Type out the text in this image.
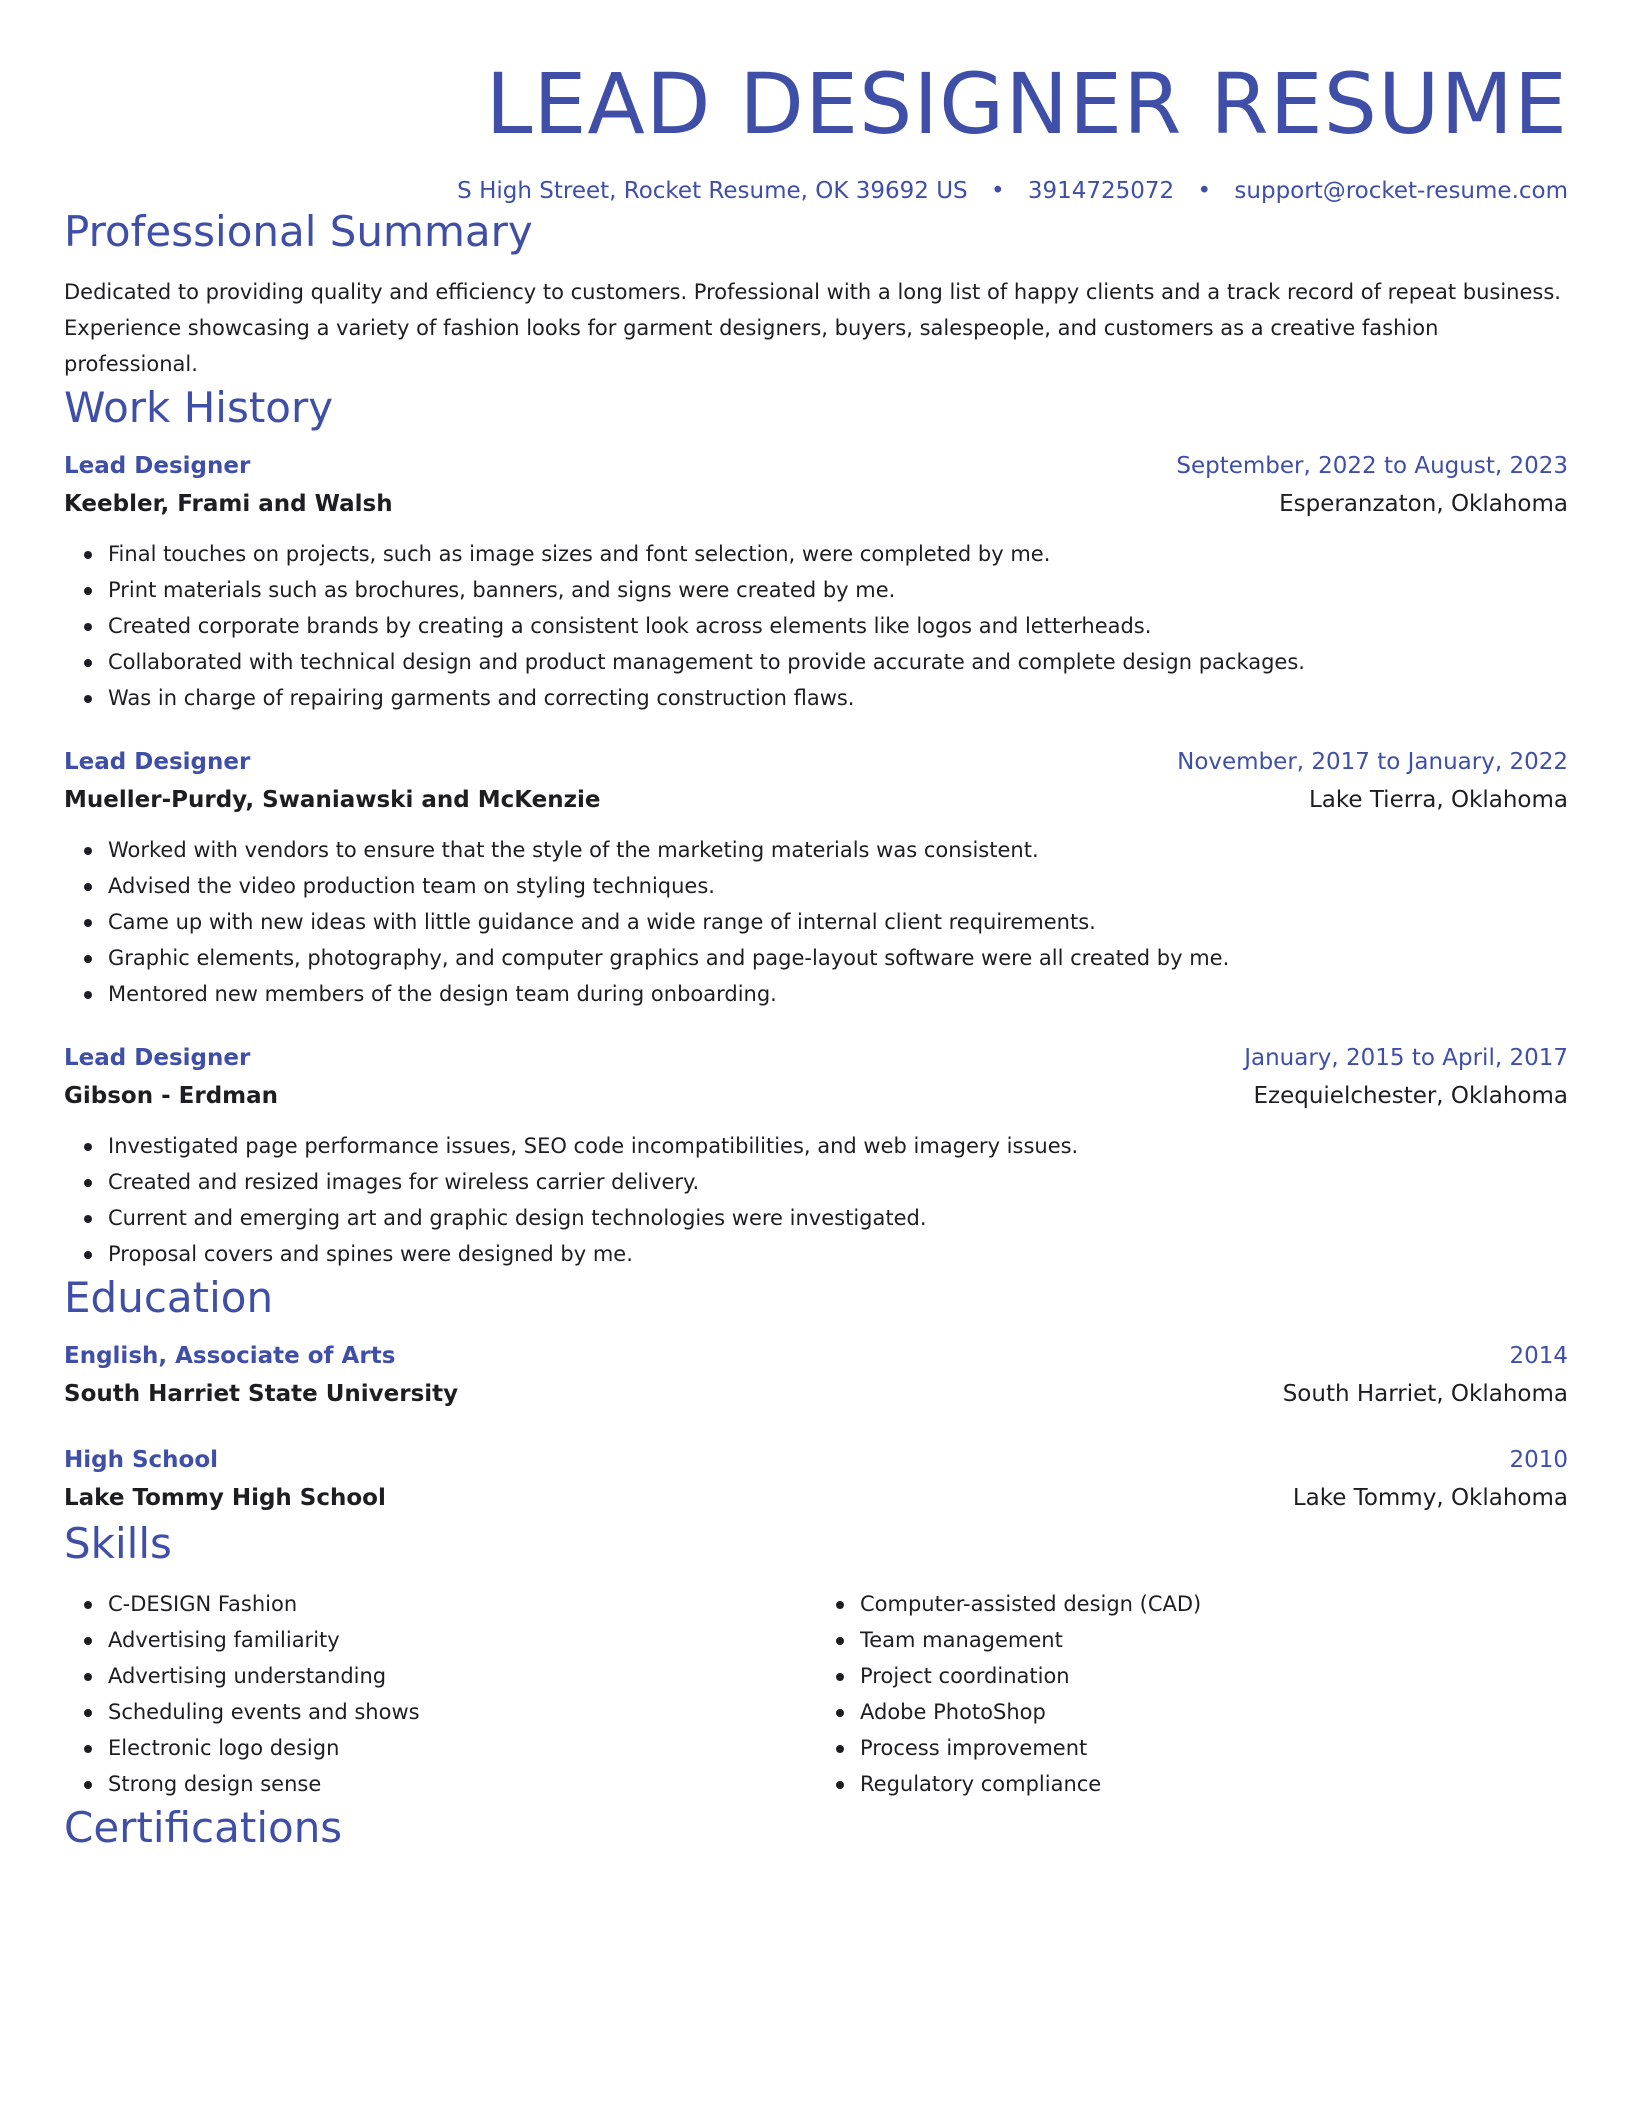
LEAD DESIGNER RESUME
S High Street, Rocket Resume, OK 39692 US • 3914725072 • support@rocket-resume.com
Professional Summary

Dedicated to providing quality and efficiency to customers. Professional with a long list of happy clients and a track record of repeat business. Experience showcasing a variety of fashion looks for garment designers, buyers, salespeople, and customers as a creative fashion professional.

Work History
Lead Designer	September, 2022 to August, 2023
Keebler, Frami and Walsh	Esperanzaton, Oklahoma
Final touches on projects, such as image sizes and font selection, were completed by me.
Print materials such as brochures, banners, and signs were created by me.
Created corporate brands by creating a consistent look across elements like logos and letterheads.
Collaborated with technical design and product management to provide accurate and complete design packages.
Was in charge of repairing garments and correcting construction flaws.
Lead Designer	November, 2017 to January, 2022
Mueller-Purdy, Swaniawski and McKenzie	Lake Tierra, Oklahoma
Worked with vendors to ensure that the style of the marketing materials was consistent.
Advised the video production team on styling techniques.
Came up with new ideas with little guidance and a wide range of internal client requirements.
Graphic elements, photography, and computer graphics and page-layout software were all created by me.
Mentored new members of the design team during onboarding.
Lead Designer	January, 2015 to April, 2017
Gibson - Erdman	Ezequielchester, Oklahoma
Investigated page performance issues, SEO code incompatibilities, and web imagery issues.
Created and resized images for wireless carrier delivery.
Current and emerging art and graphic design technologies were investigated.
Proposal covers and spines were designed by me.
Education
English, Associate of Arts	2014
South Harriet State University	South Harriet, Oklahoma
High School	2010
Lake Tommy High School	Lake Tommy, Oklahoma
Skills
C-DESIGN Fashion
Advertising familiarity
Advertising understanding
Scheduling events and shows
Electronic logo design
Strong design sense
Computer-assisted design (CAD)
Team management
Project coordination
Adobe PhotoShop
Process improvement
Regulatory compliance
Certifications
